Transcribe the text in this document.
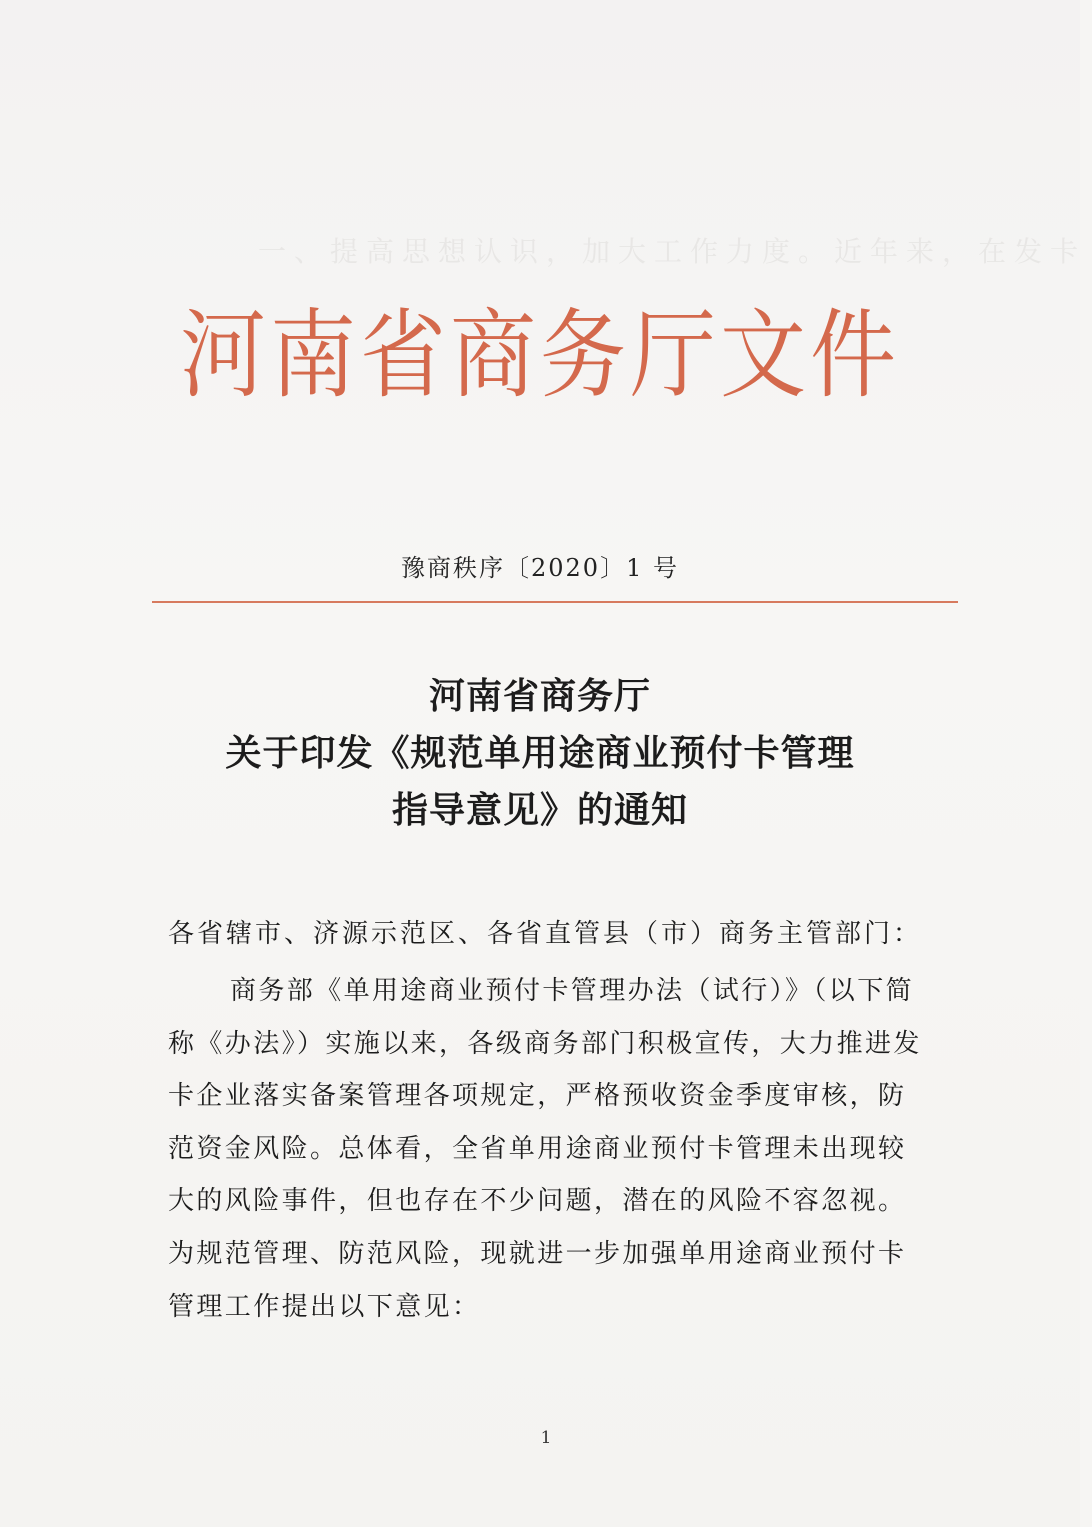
　　　一、提高思想认识，加大工作力度。近年来，在发卡

河南省商务厅文件
豫商秩序〔2020〕1 号
河南省商务厅
关于印发《规范单用途商业预付卡管理
指导意见》的通知
各省辖市、济源示范区、各省直管县（市）商务主管部门：
商务部《单用途商业预付卡管理办法（试行）》（以下简
称《办法》）实施以来，各级商务部门积极宣传，大力推进发
卡企业落实备案管理各项规定，严格预收资金季度审核，防
范资金风险。总体看，全省单用途商业预付卡管理未出现较
大的风险事件，但也存在不少问题，潜在的风险不容忽视。
为规范管理、防范风险，现就进一步加强单用途商业预付卡
管理工作提出以下意见：
1
